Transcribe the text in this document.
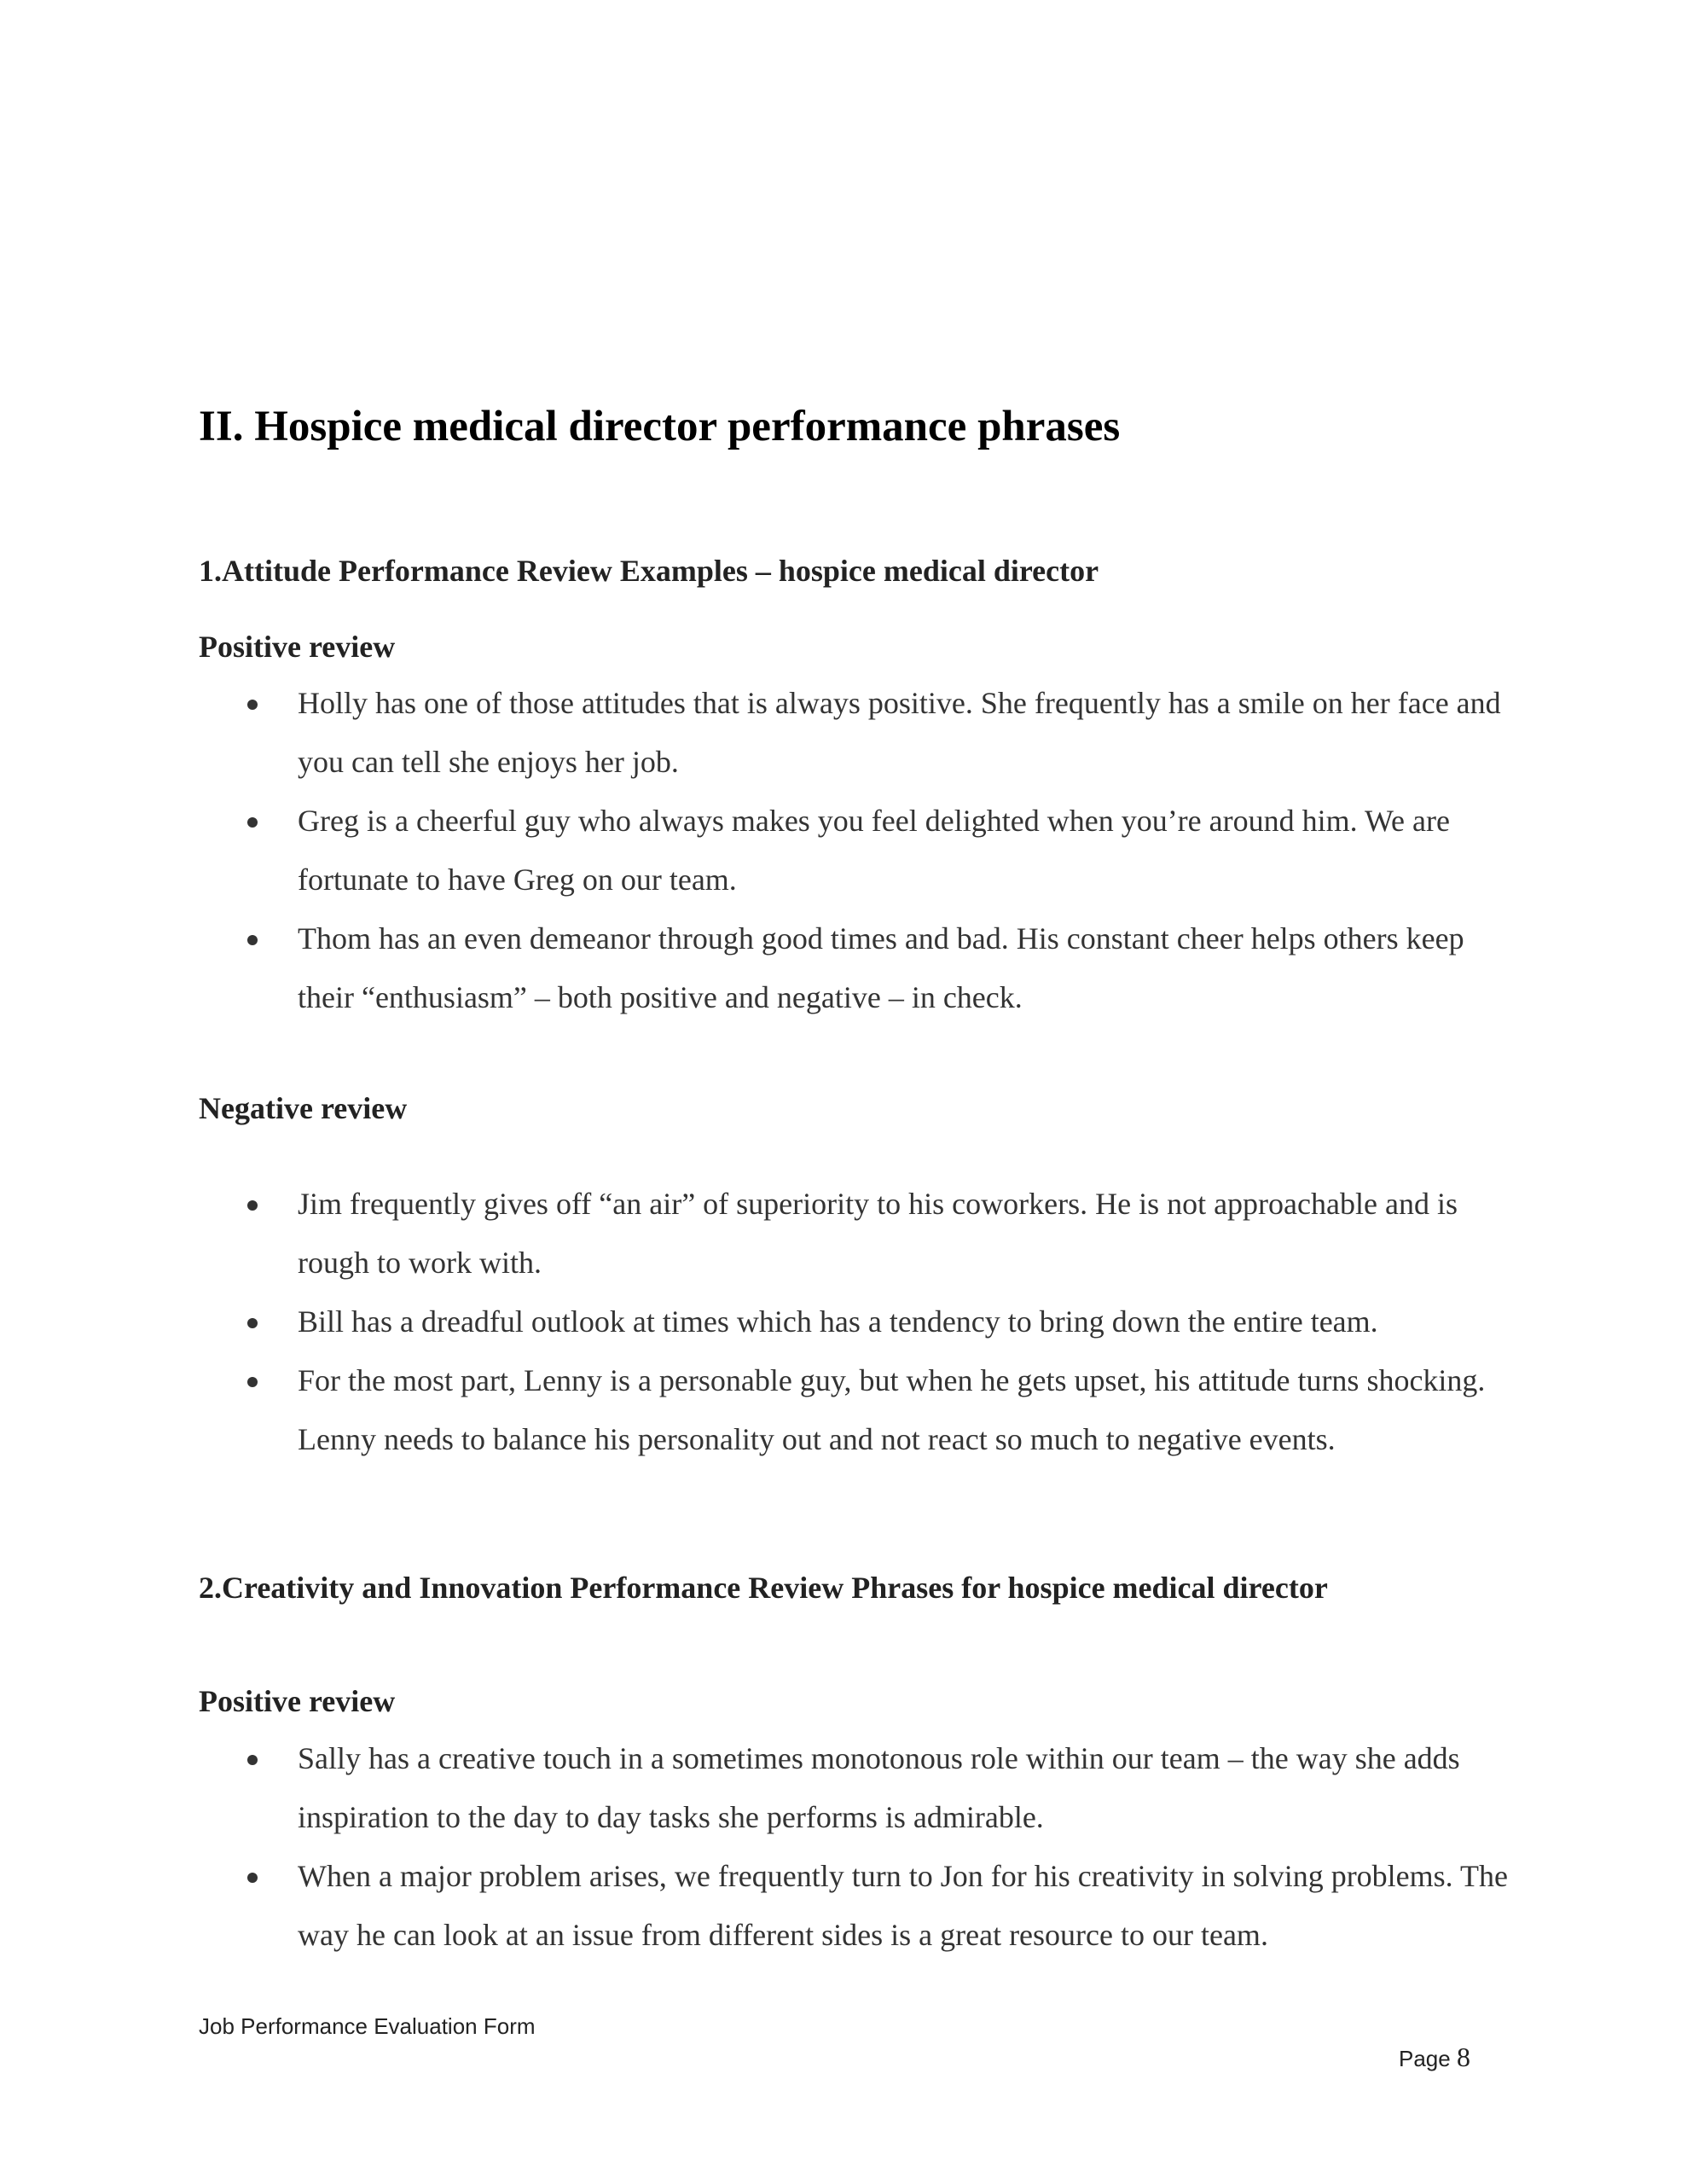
II. Hospice medical director performance phrases
1.Attitude Performance Review Examples – hospice medical director
Positive review
Holly has one of those attitudes that is always positive. She frequently has a smile on her face and you can tell she enjoys her job.
Greg is a cheerful guy who always makes you feel delighted when you’re around him. We are fortunate to have Greg on our team.
Thom has an even demeanor through good times and bad. His constant cheer helps others keep their “enthusiasm” – both positive and negative – in check.
Negative review
Jim frequently gives off “an air” of superiority to his coworkers. He is not approachable and is rough to work with.
Bill has a dreadful outlook at times which has a tendency to bring down the entire team.
For the most part, Lenny is a personable guy, but when he gets upset, his attitude turns shocking. Lenny needs to balance his personality out and not react so much to negative events.
2.Creativity and Innovation Performance Review Phrases for hospice medical director
Positive review
Sally has a creative touch in a sometimes monotonous role within our team – the way she adds inspiration to the day to day tasks she performs is admirable.
When a major problem arises, we frequently turn to Jon for his creativity in solving problems. The way he can look at an issue from different sides is a great resource to our team.
Job Performance Evaluation Form
Page 8
